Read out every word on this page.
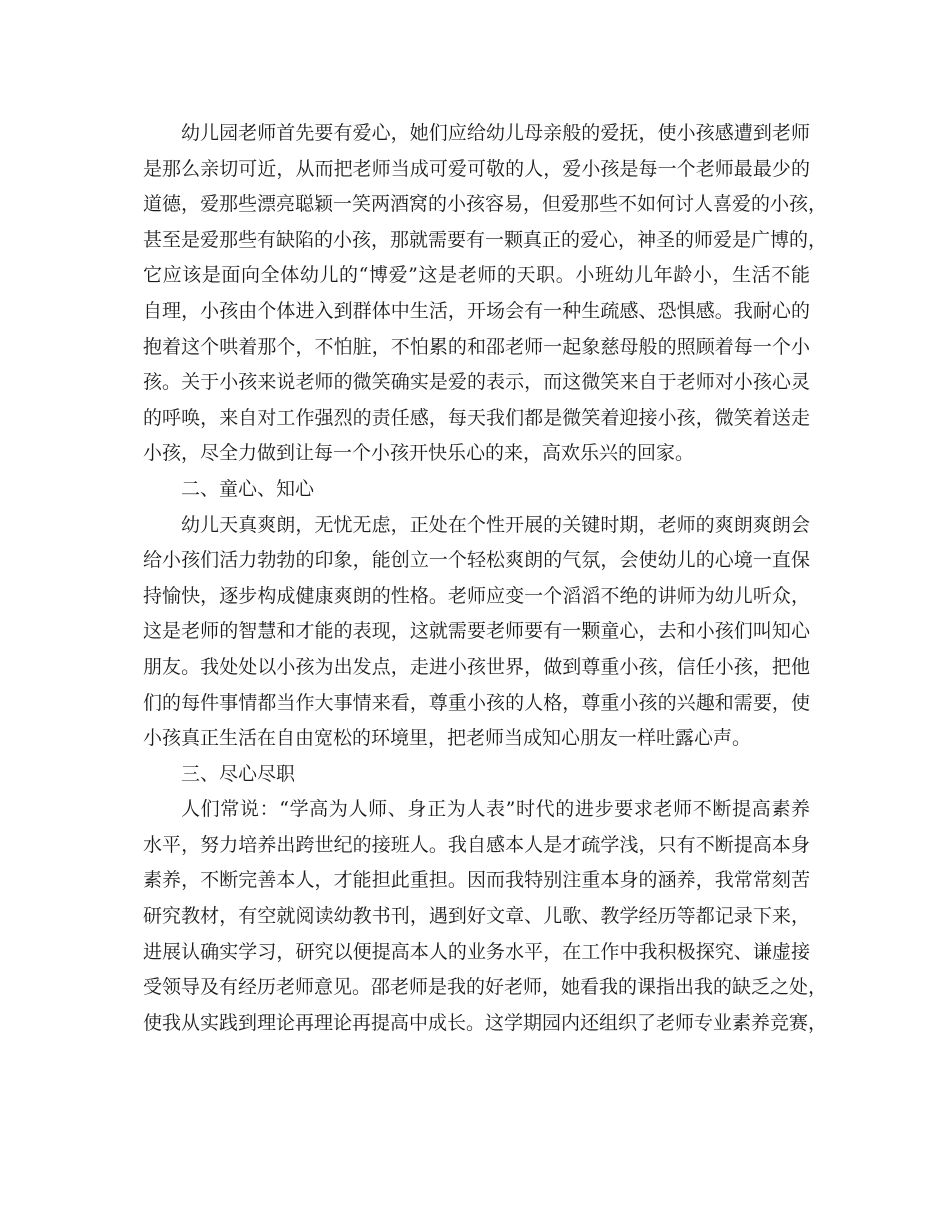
幼儿园老师首先要有爱心，她们应给幼儿母亲般的爱抚，使小孩感遭到老师
是那么亲切可近，从而把老师当成可爱可敬的人，爱小孩是每一个老师最最少的
道德，爱那些漂亮聪颖一笑两酒窝的小孩容易，但爱那些不如何讨人喜爱的小孩，
甚至是爱那些有缺陷的小孩，那就需要有一颗真正的爱心，神圣的师爱是广博的，
它应该是面向全体幼儿的“博爱”这是老师的天职。小班幼儿年龄小，生活不能
自理，小孩由个体进入到群体中生活，开场会有一种生疏感、恐惧感。我耐心的
抱着这个哄着那个，不怕脏，不怕累的和邵老师一起象慈母般的照顾着每一个小
孩。关于小孩来说老师的微笑确实是爱的表示，而这微笑来自于老师对小孩心灵
的呼唤，来自对工作强烈的责任感，每天我们都是微笑着迎接小孩，微笑着送走
小孩，尽全力做到让每一个小孩开快乐心的来，高欢乐兴的回家。
二、童心、知心
幼儿天真爽朗，无忧无虑，正处在个性开展的关键时期，老师的爽朗爽朗会
给小孩们活力勃勃的印象，能创立一个轻松爽朗的气氛，会使幼儿的心境一直保
持愉快，逐步构成健康爽朗的性格。老师应变一个滔滔不绝的讲师为幼儿听众，
这是老师的智慧和才能的表现，这就需要老师要有一颗童心，去和小孩们叫知心
朋友。我处处以小孩为出发点，走进小孩世界，做到尊重小孩，信任小孩，把他
们的每件事情都当作大事情来看，尊重小孩的人格，尊重小孩的兴趣和需要，使
小孩真正生活在自由宽松的环境里，把老师当成知心朋友一样吐露心声。
三、尽心尽职
人们常说：“学高为人师、身正为人表”时代的进步要求老师不断提高素养
水平，努力培养出跨世纪的接班人。我自感本人是才疏学浅，只有不断提高本身
素养，不断完善本人，才能担此重担。因而我特别注重本身的涵养，我常常刻苦
研究教材，有空就阅读幼教书刊，遇到好文章、儿歌、教学经历等都记录下来，
进展认确实学习，研究以便提高本人的业务水平，在工作中我积极探究、谦虚接
受领导及有经历老师意见。邵老师是我的好老师，她看我的课指出我的缺乏之处，
使我从实践到理论再理论再提高中成长。这学期园内还组织了老师专业素养竞赛，
